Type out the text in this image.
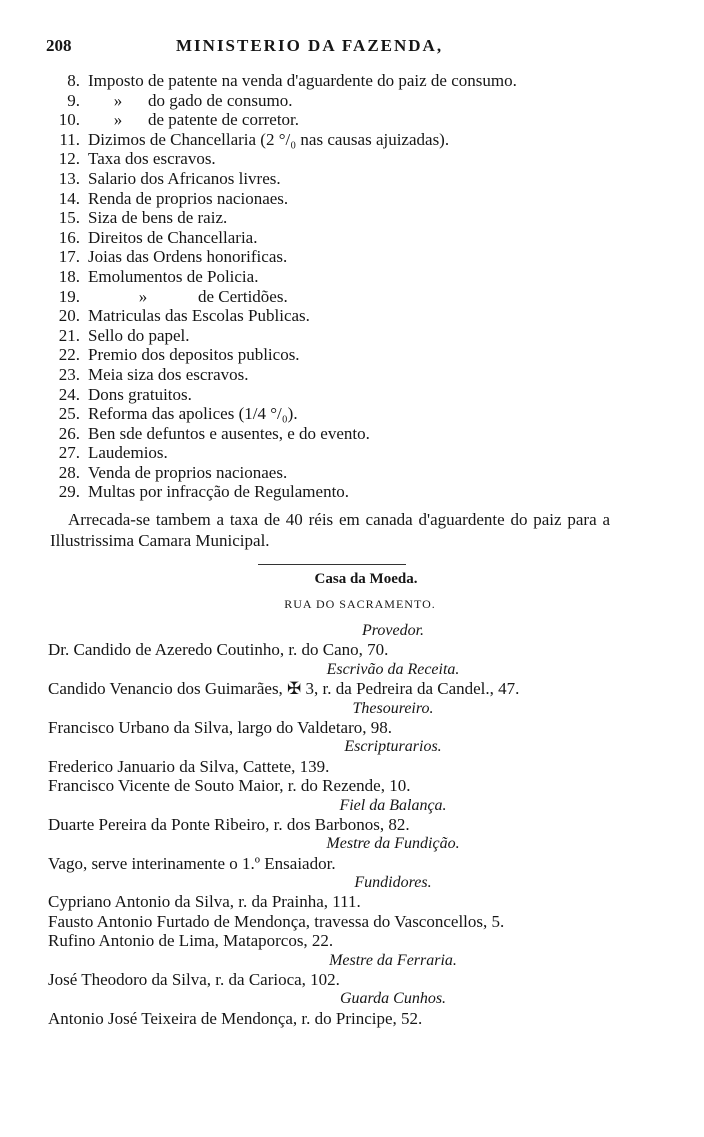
208	MINISTERIO DA FAZENDA,
8. Imposto de patente na venda d'aguardente do paiz de consumo.
9.	»	do gado de consumo.
10.	»	de patente de corretor.
11. Dizimos de Chancellaria (2 °/₀ nas causas ajuizadas).
12. Taxa dos escravos.
13. Salario dos Africanos livres.
14. Renda de proprios nacionaes.
15. Siza de bens de raiz.
16. Direitos de Chancellaria.
17. Joias das Ordens honorificas.
18. Emolumentos de Policia.
19.	»	de Certidões.
20. Matriculas das Escolas Publicas.
21. Sello do papel.
22. Premio dos depositos publicos.
23. Meia siza dos escravos.
24. Dons gratuitos.
25. Reforma das apolices (1/4 °/₀).
26. Ben sde defuntos e ausentes, e do evento.
27. Laudemios.
28. Venda de proprios nacionaes.
29. Multas por infracção de Regulamento.

Arrecada-se tambem a taxa de 40 réis em canada d'aguardente do paiz para a Illustrissima Camara Municipal.

Casa da Moeda.
RUA DO SACRAMENTO.
Provedor.
Dr. Candido de Azeredo Coutinho, r. do Cano, 70.
Escrivão da Receita.
Candido Venancio dos Guimarães, ✠ 3, r. da Pedreira da Candel., 47.
Thesoureiro.
Francisco Urbano da Silva, largo do Valdetaro, 98.
Escripturarios.
Frederico Januario da Silva, Cattete, 139.
Francisco Vicente de Souto Maior, r. do Rezende, 10.
Fiel da Balança.
Duarte Pereira da Ponte Ribeiro, r. dos Barbonos, 82.
Mestre da Fundição.
Vago, serve interinamente o 1.º Ensaiador.
Fundidores.
Cypriano Antonio da Silva, r. da Prainha, 111.
Fausto Antonio Furtado de Mendonça, travessa do Vasconcellos, 5.
Rufino Antonio de Lima, Mataporcos, 22.
Mestre da Ferraria.
José Theodoro da Silva, r. da Carioca, 102.
Guarda Cunhos.
Antonio José Teixeira de Mendonça, r. do Principe, 52.
